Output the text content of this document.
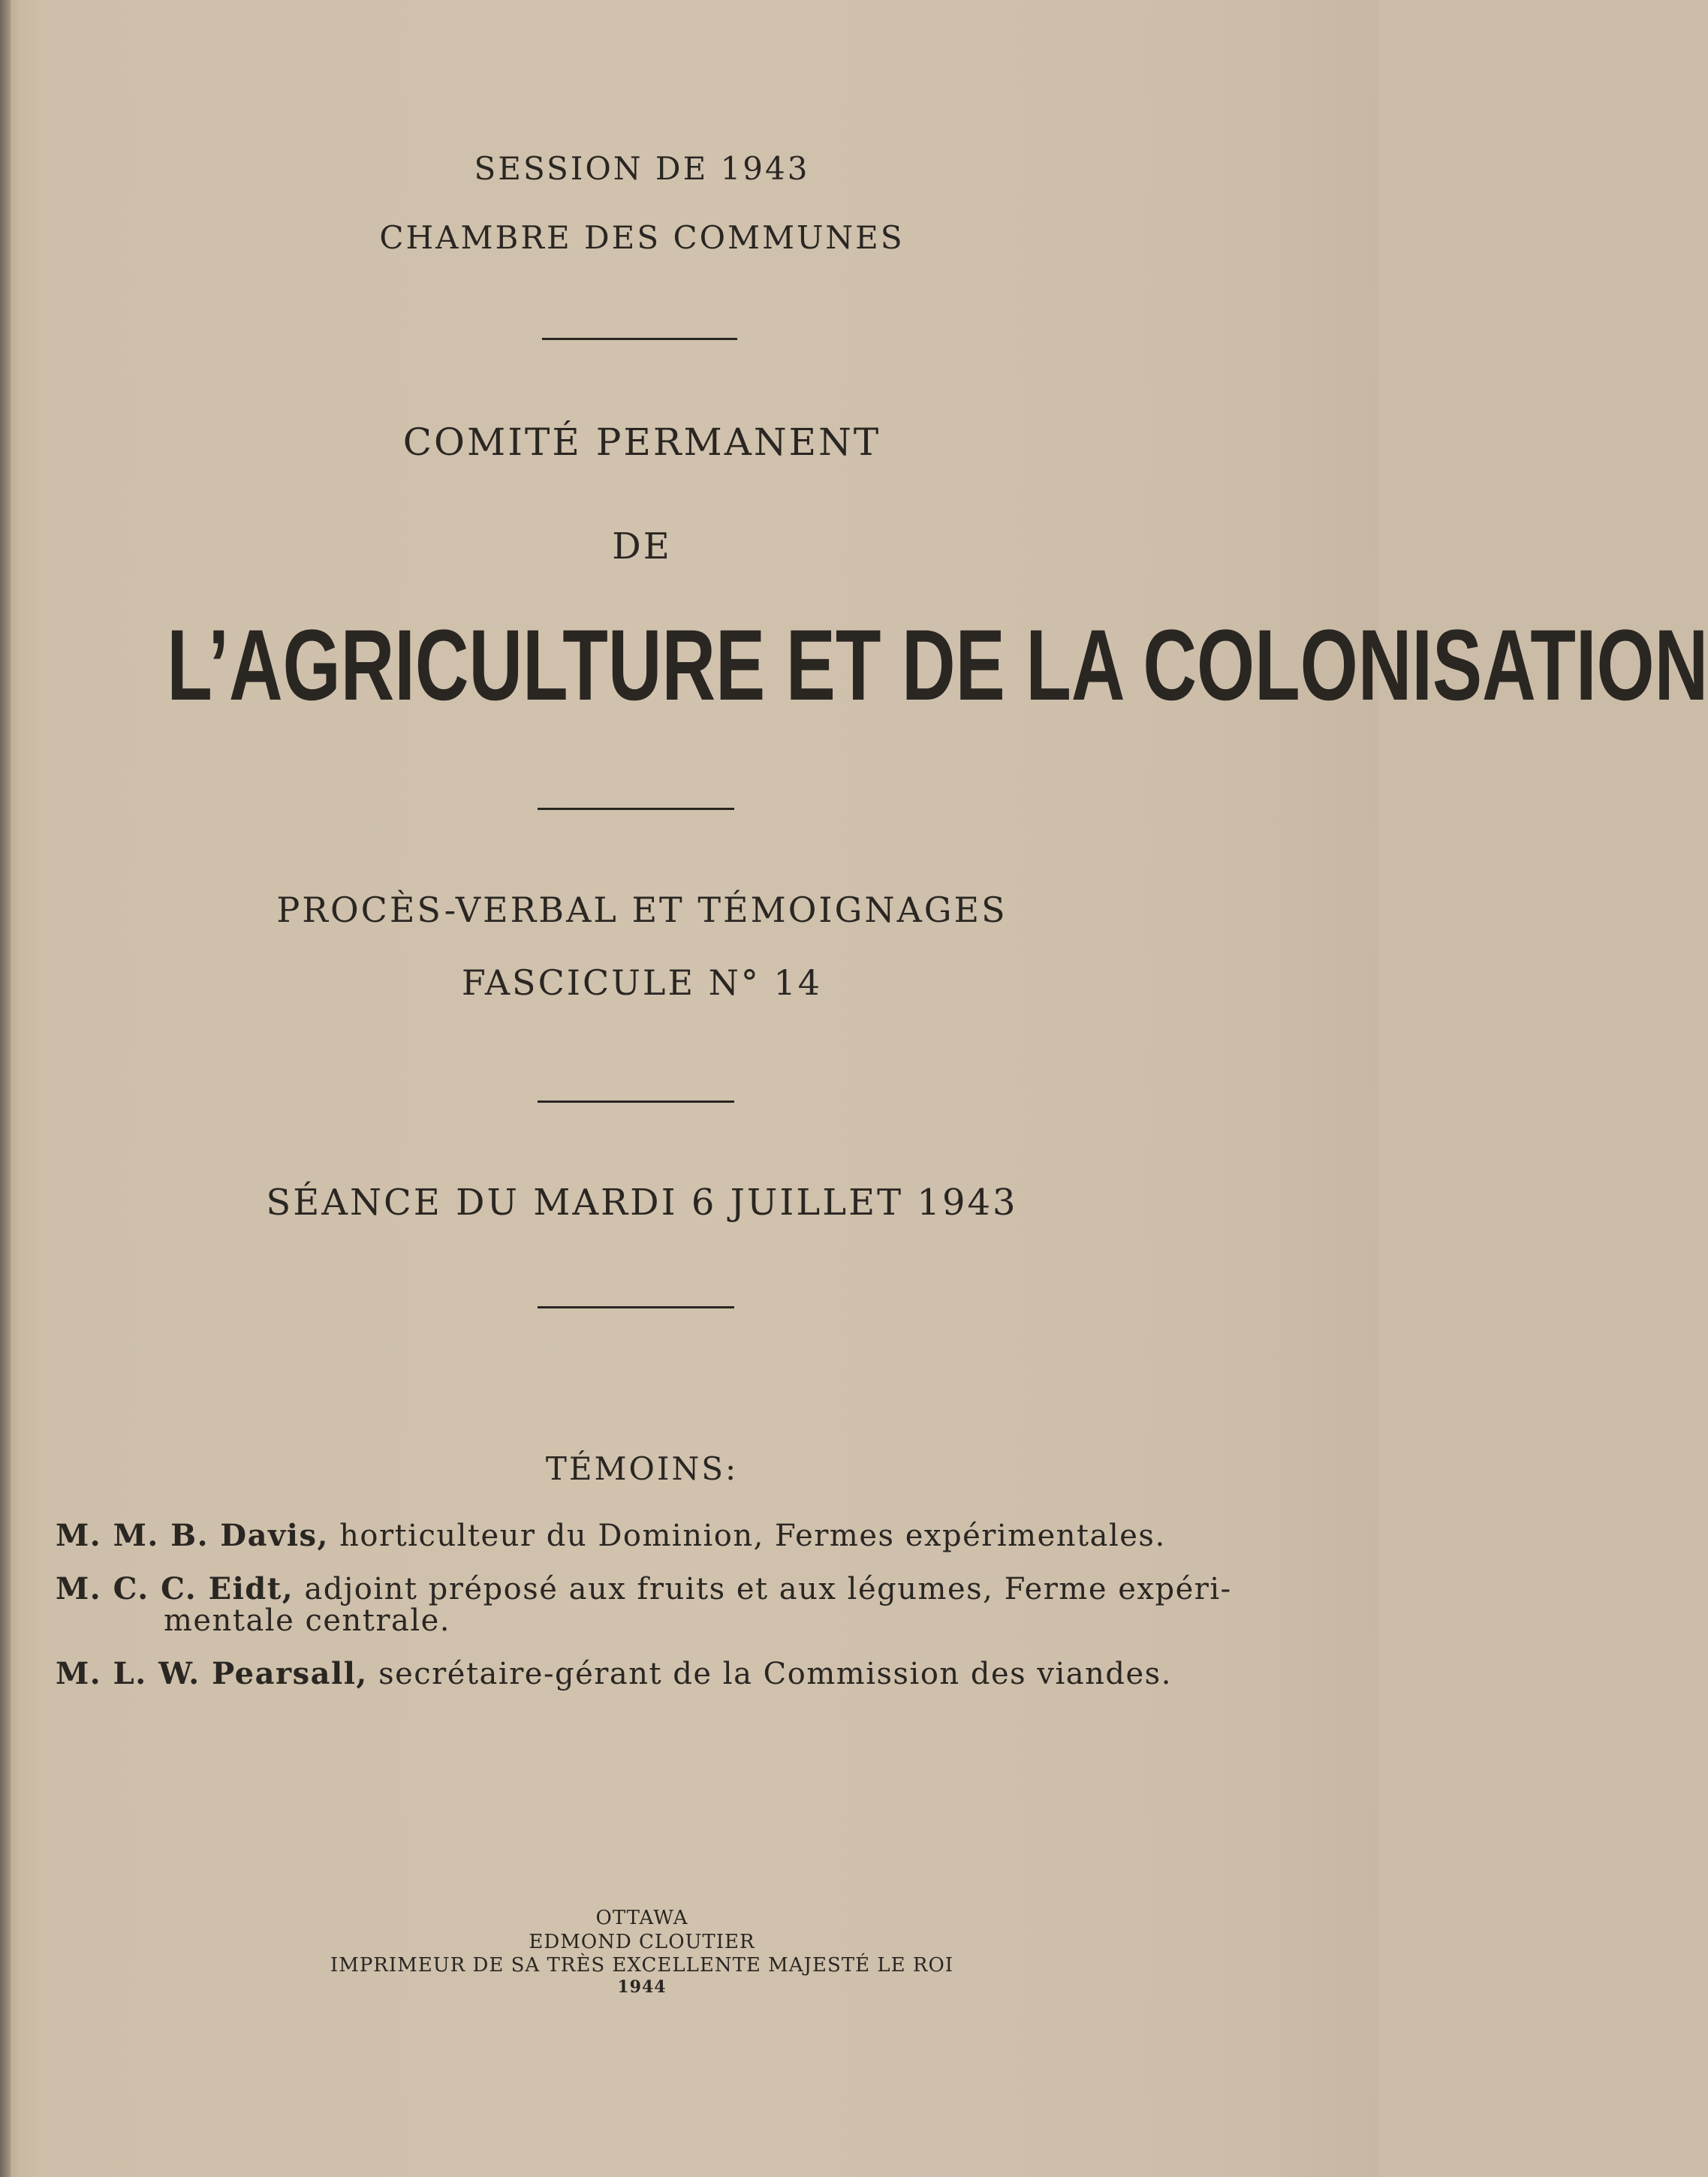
SESSION DE 1943
CHAMBRE DES COMMUNES
COMITÉ PERMANENT
DE
L’AGRICULTURE ET DE LA COLONISATION
PROCÈS-VERBAL ET TÉMOIGNAGES
FASCICULE N° 14
SÉANCE DU MARDI 6 JUILLET 1943
TÉMOINS:
M. M. B. Davis, horticulteur du Dominion, Fermes expérimentales.
M. C. C. Eidt, adjoint préposé aux fruits et aux légumes, Ferme expéri-
mentale centrale.
M. L. W. Pearsall, secrétaire-gérant de la Commission des viandes.
OTTAWA
EDMOND CLOUTIER
IMPRIMEUR DE SA TRÈS EXCELLENTE MAJESTÉ LE ROI
1944
